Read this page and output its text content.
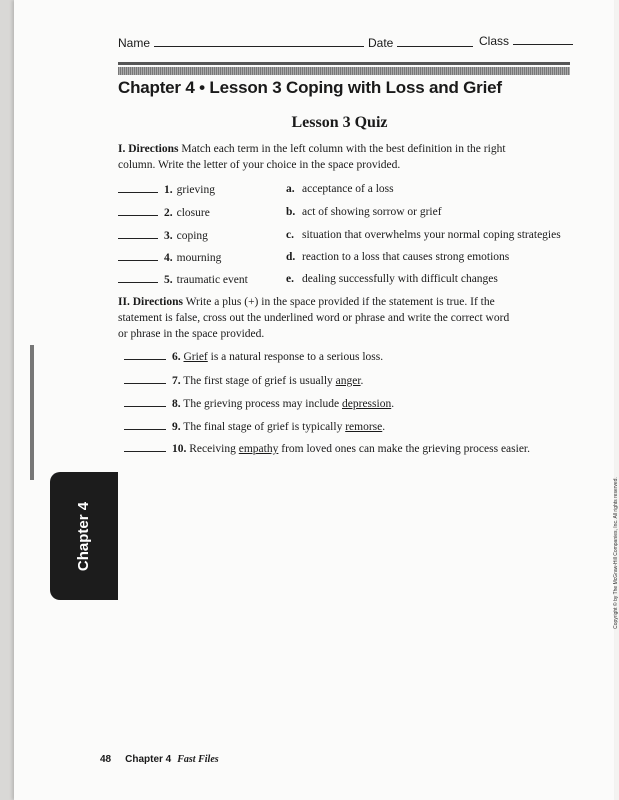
Name	Date	Class
Chapter 4 • Lesson 3 Coping with Loss and Grief
Lesson 3 Quiz
I. Directions Match each term in the left column with the best definition in the right column. Write the letter of your choice in the space provided.
1. grieving	a. acceptance of a loss
2. closure	b. act of showing sorrow or grief
3. coping	c. situation that overwhelms your normal coping strategies
4. mourning	d. reaction to a loss that causes strong emotions
5. traumatic event	e. dealing successfully with difficult changes
II. Directions Write a plus (+) in the space provided if the statement is true. If the statement is false, cross out the underlined word or phrase and write the correct word or phrase in the space provided.
6. Grief is a natural response to a serious loss.
7. The first stage of grief is usually anger.
8. The grieving process may include depression.
9. The final stage of grief is typically remorse.
10. Receiving empathy from loved ones can make the grieving process easier.
Chapter 4	Copyright © by The McGraw-Hill Companies, Inc. All rights reserved.
48 Chapter 4 Fast Files
